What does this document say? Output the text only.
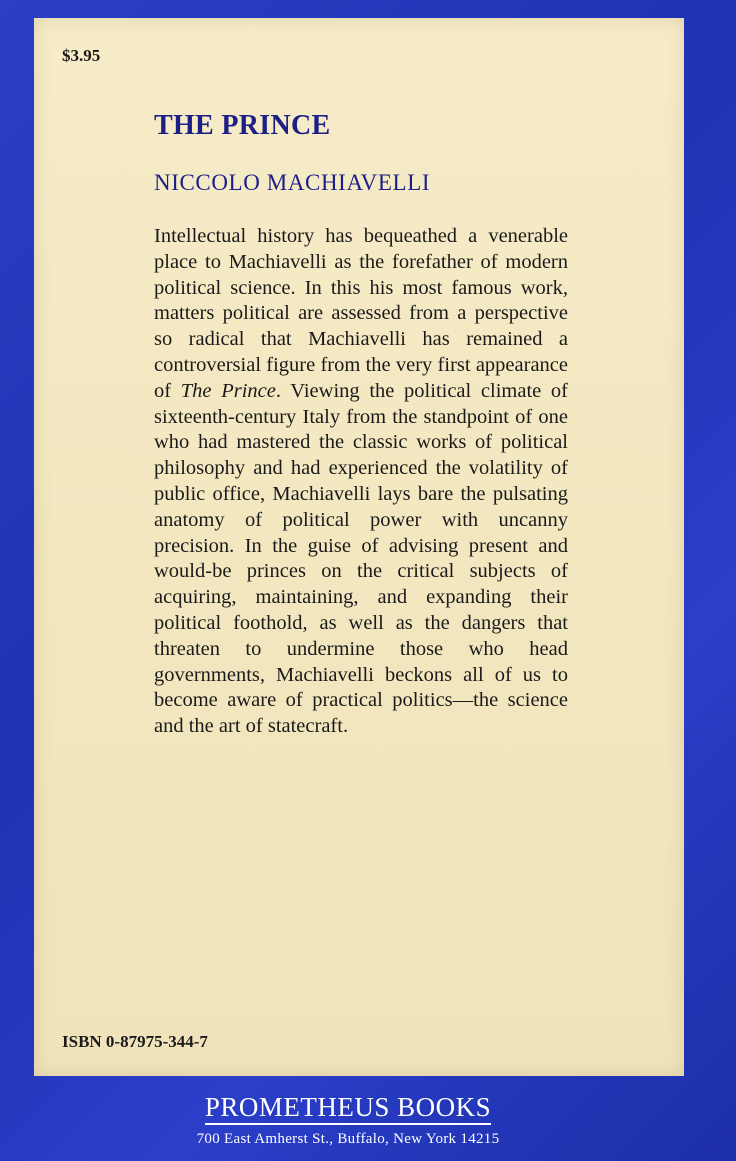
$3.95
THE PRINCE
NICCOLO MACHIAVELLI

Intellectual history has bequeathed a venerable place to Machiavelli as the forefather of modern political science. In this his most famous work, matters political are assessed from a perspective so radical that Machiavelli has remained a controversial figure from the very first appearance of The Prince. Viewing the political climate of sixteenth-century Italy from the standpoint of one who had mastered the classic works of political philosophy and had experienced the volatility of public office, Machiavelli lays bare the pulsating anatomy of political power with uncanny precision. In the guise of advising present and would-be princes on the critical subjects of acquiring, maintaining, and expanding their political foothold, as well as the dangers that threaten to undermine those who head governments, Machiavelli beckons all of us to become aware of practical politics—the science and the art of statecraft.

ISBN 0-87975-344-7
PROMETHEUS BOOKS
700 East Amherst St., Buffalo, New York 14215
